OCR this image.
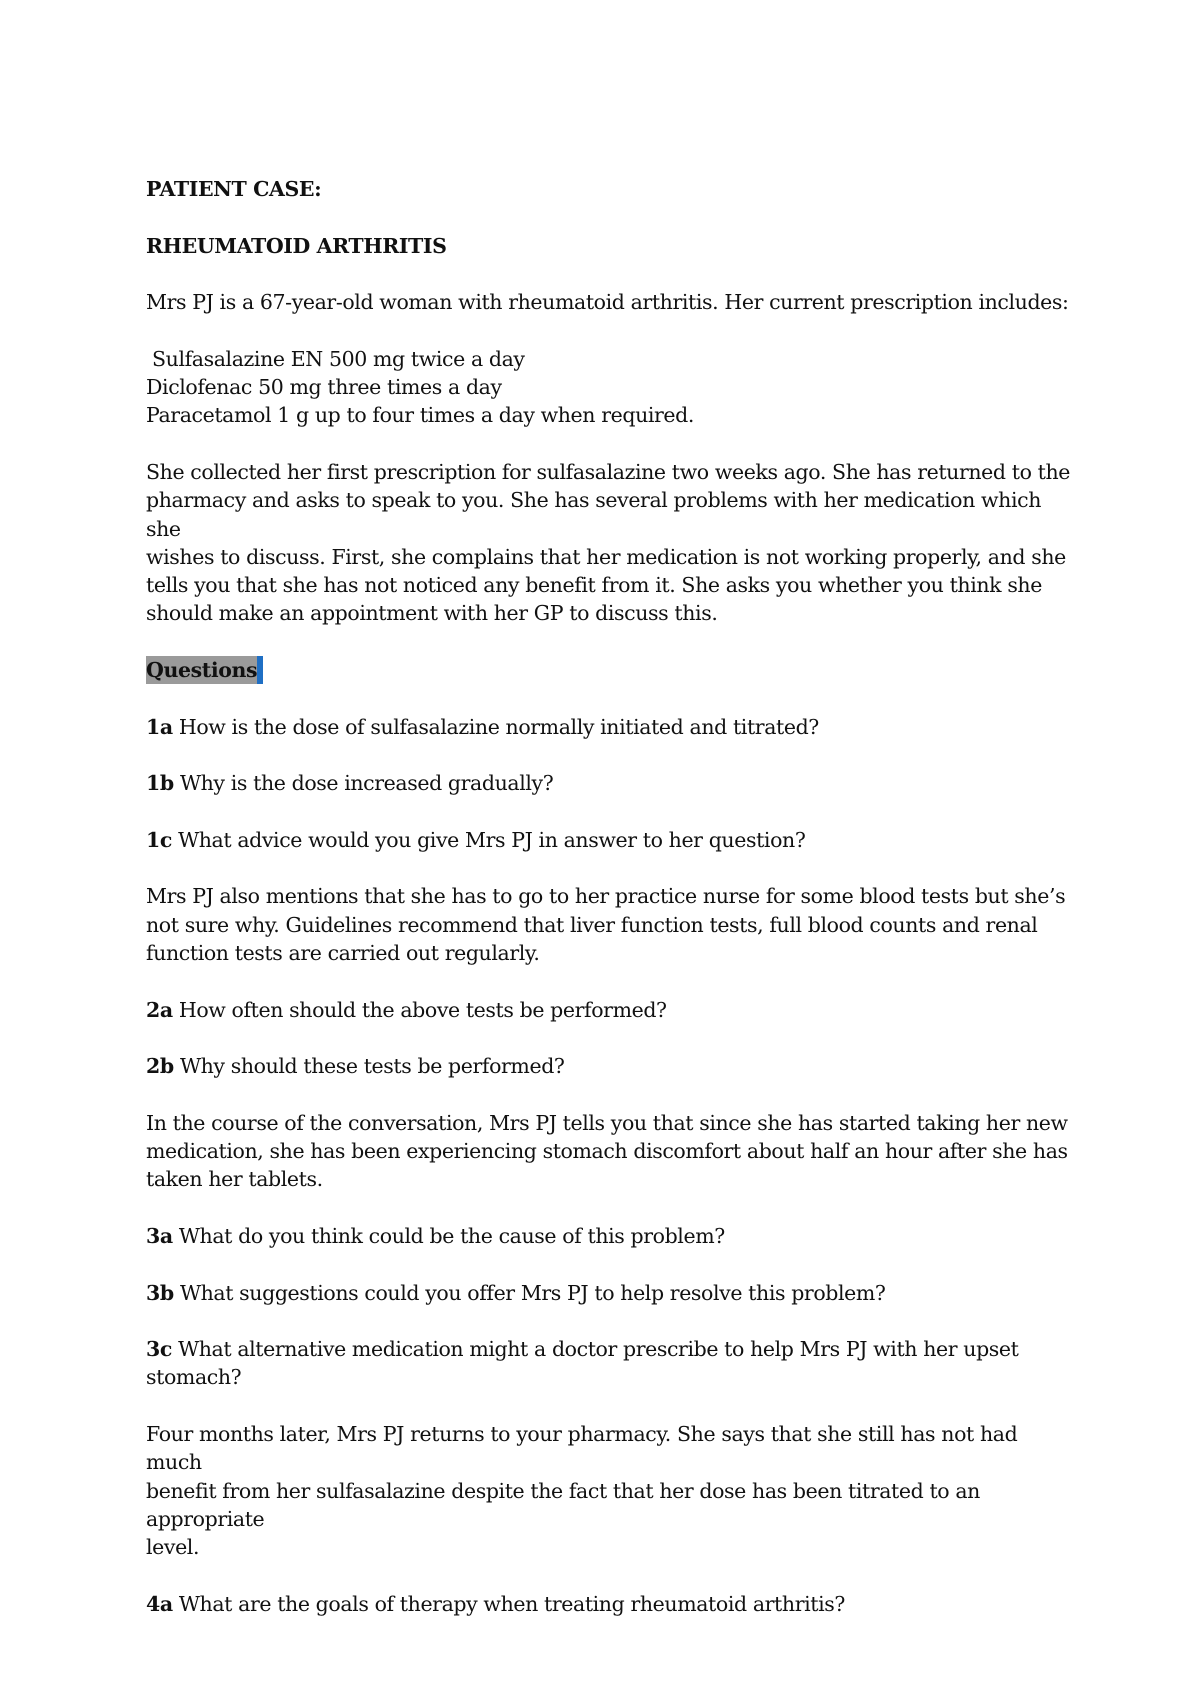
PATIENT CASE:

RHEUMATOID ARTHRITIS

Mrs PJ is a 67-year-old woman with rheumatoid arthritis. Her current prescription includes:

Sulfasalazine EN 500 mg twice a day
Diclofenac 50 mg three times a day
Paracetamol 1 g up to four times a day when required.

She collected her first prescription for sulfasalazine two weeks ago. She has returned to the
pharmacy and asks to speak to you. She has several problems with her medication which she
wishes to discuss. First, she complains that her medication is not working properly, and she
tells you that she has not noticed any benefit from it. She asks you whether you think she
should make an appointment with her GP to discuss this.

Questions

1a How is the dose of sulfasalazine normally initiated and titrated?

1b Why is the dose increased gradually?

1c What advice would you give Mrs PJ in answer to her question?

Mrs PJ also mentions that she has to go to her practice nurse for some blood tests but she’s
not sure why. Guidelines recommend that liver function tests, full blood counts and renal
function tests are carried out regularly.

2a How often should the above tests be performed?

2b Why should these tests be performed?

In the course of the conversation, Mrs PJ tells you that since she has started taking her new
medication, she has been experiencing stomach discomfort about half an hour after she has
taken her tablets.

3a What do you think could be the cause of this problem?

3b What suggestions could you offer Mrs PJ to help resolve this problem?

3c What alternative medication might a doctor prescribe to help Mrs PJ with her upset
stomach?

Four months later, Mrs PJ returns to your pharmacy. She says that she still has not had much
benefit from her sulfasalazine despite the fact that her dose has been titrated to an appropriate
level.

4a What are the goals of therapy when treating rheumatoid arthritis?
